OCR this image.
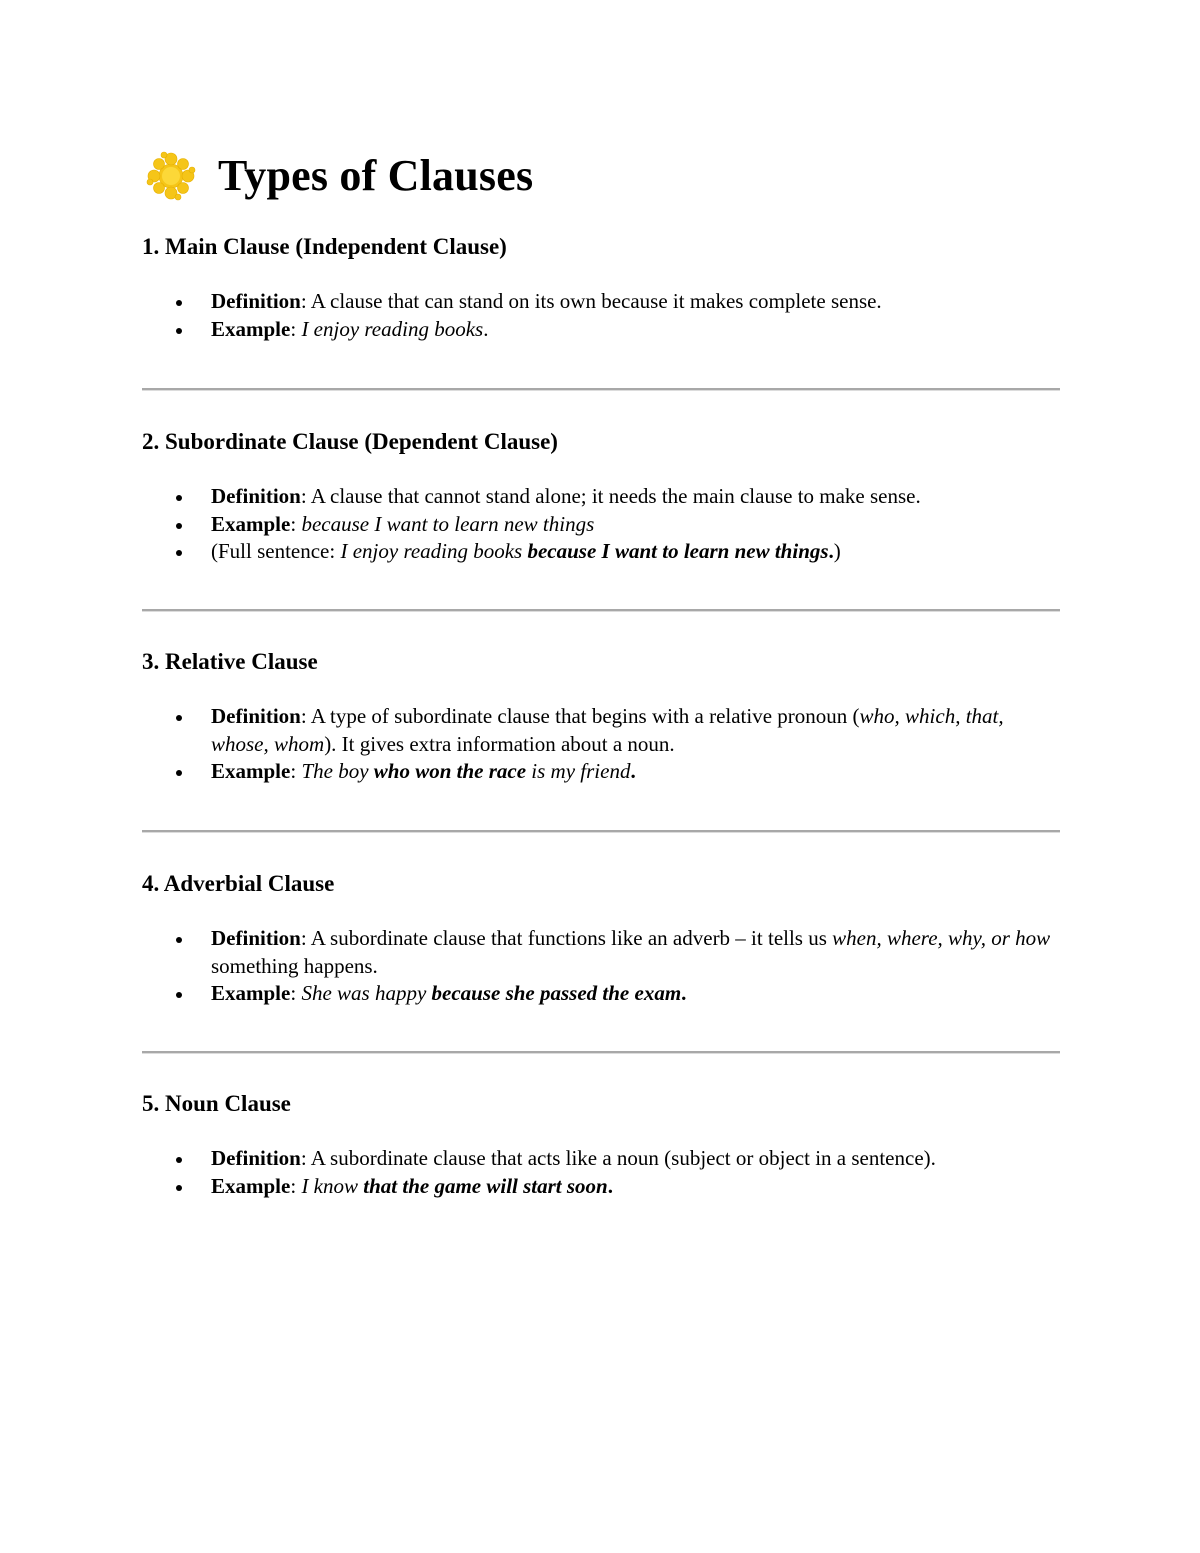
Types of Clauses

1. Main Clause (Independent Clause)

Definition: A clause that can stand on its own because it makes complete sense.
Example: I enjoy reading books.

2. Subordinate Clause (Dependent Clause)

Definition: A clause that cannot stand alone; it needs the main clause to make sense.
Example: because I want to learn new things
(Full sentence: I enjoy reading books because I want to learn new things.)

3. Relative Clause

Definition: A type of subordinate clause that begins with a relative pronoun (who, which, that, whose, whom). It gives extra information about a noun.
Example: The boy who won the race is my friend.

4. Adverbial Clause

Definition: A subordinate clause that functions like an adverb – it tells us when, where, why, or how something happens.
Example: She was happy because she passed the exam.

5. Noun Clause

Definition: A subordinate clause that acts like a noun (subject or object in a sentence).
Example: I know that the game will start soon.
